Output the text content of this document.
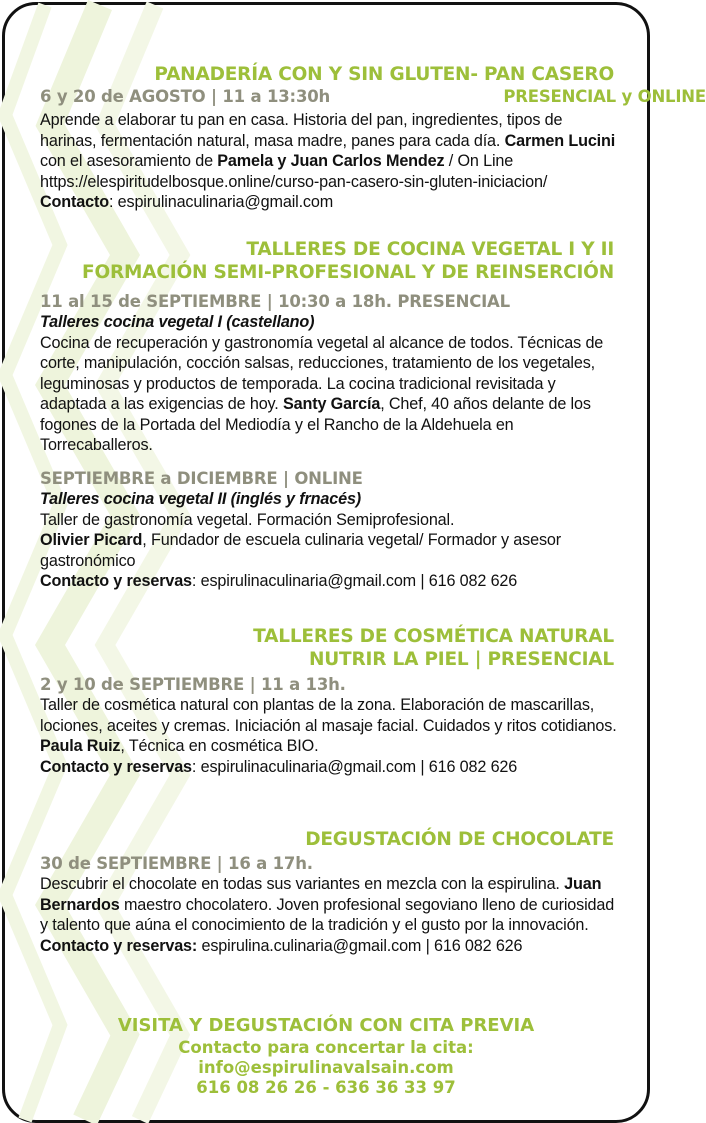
PANADERÍA CON Y SIN GLUTEN- PAN CASERO
6 y 20 de AGOSTO | 11 a 13:30h	PRESENCIAL y ONLINE

Aprende a elaborar tu pan en casa. Historia del pan, ingredientes, tipos de harinas, fermentación natural, masa madre, panes para cada día. Carmen Lucini con el asesoramiento de Pamela y Juan Carlos Mendez / On Line https://elespiritudelbosque.online/curso-pan-casero-sin-gluten-iniciacion/ Contacto: espirulinaculinaria@gmail.com

TALLERES DE COCINA VEGETAL I Y II
FORMACIÓN SEMI-PROFESIONAL Y DE REINSERCIÓN
11 al 15 de SEPTIEMBRE | 10:30 a 18h. PRESENCIAL

Talleres cocina vegetal I (castellano)
Cocina de recuperación y gastronomía vegetal al alcance de todos. Técnicas de corte, manipulación, cocción salsas, reducciones, tratamiento de los vegetales, leguminosas y productos de temporada. La cocina tradicional revisitada y adaptada a las exigencias de hoy. Santy García, Chef, 40 años delante de los fogones de la Portada del Mediodía y el Rancho de la Aldehuela en Torrecaballeros.

SEPTIEMBRE a DICIEMBRE | ONLINE

Talleres cocina vegetal II (inglés y frnacés)
Taller de gastronomía vegetal. Formación Semiprofesional.
Olivier Picard, Fundador de escuela culinaria vegetal/ Formador y asesor gastronómico
Contacto y reservas: espirulinaculinaria@gmail.com | 616 082 626

TALLERES DE COSMÉTICA NATURAL
NUTRIR LA PIEL | PRESENCIAL
2 y 10 de SEPTIEMBRE | 11 a 13h.

Taller de cosmética natural con plantas de la zona. Elaboración de mascarillas, lociones, aceites y cremas. Iniciación al masaje facial. Cuidados y ritos cotidianos.
Paula Ruiz, Técnica en cosmética BIO.
Contacto y reservas: espirulinaculinaria@gmail.com | 616 082 626

DEGUSTACIÓN DE CHOCOLATE
30 de SEPTIEMBRE | 16 a 17h.

Descubrir el chocolate en todas sus variantes en mezcla con la espirulina. Juan Bernardos maestro chocolatero. Joven profesional segoviano lleno de curiosidad y talento que aúna el conocimiento de la tradición y el gusto por la innovación.
Contacto y reservas: espirulina.culinaria@gmail.com | 616 082 626

VISITA Y DEGUSTACIÓN CON CITA PREVIA
Contacto para concertar la cita:
info@espirulinavalsain.com
616 08 26 26 - 636 36 33 97
